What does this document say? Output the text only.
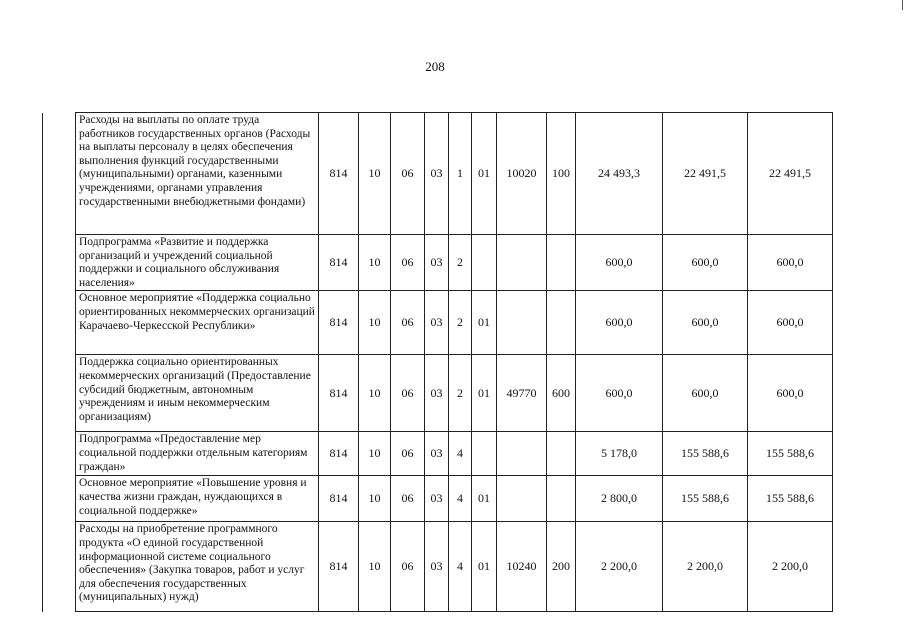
208
	Расходы на выплаты по оплате труда работников государственных органов (Расходы на выплаты персоналу в целях обеспечения выполнения функций государственными (муниципальными) органами, казенными учреждениями, органами управления государственными внебюджетными фондами)	814	10	06	03	1	01	10020	100	24 493,3	22 491,5	22 491,5
	Подпрограмма «Развитие и поддержка организаций и учреждений социальной поддержки и социального обслуживания населения»	814	10	06	03	2				600,0	600,0	600,0
	Основное мероприятие «Поддержка социально ориентированных некоммерческих организаций Карачаево-Черкесской Республики»	814	10	06	03	2	01			600,0	600,0	600,0
	Поддержка социально ориентированных некоммерческих организаций (Предоставление субсидий бюджетным, автономным учреждениям и иным некоммерческим организациям)	814	10	06	03	2	01	49770	600	600,0	600,0	600,0
	Подпрограмма «Предоставление мер социальной поддержки отдельным категориям граждан»	814	10	06	03	4				5 178,0	155 588,6	155 588,6
	Основное мероприятие «Повышение уровня и качества жизни граждан, нуждающихся в социальной поддержке»	814	10	06	03	4	01			2 800,0	155 588,6	155 588,6
	Расходы на приобретение программного продукта «О единой государственной информационной системе социального обеспечения» (Закупка товаров, работ и услуг для обеспечения государственных (муниципальных) нужд)	814	10	06	03	4	01	10240	200	2 200,0	2 200,0	2 200,0
